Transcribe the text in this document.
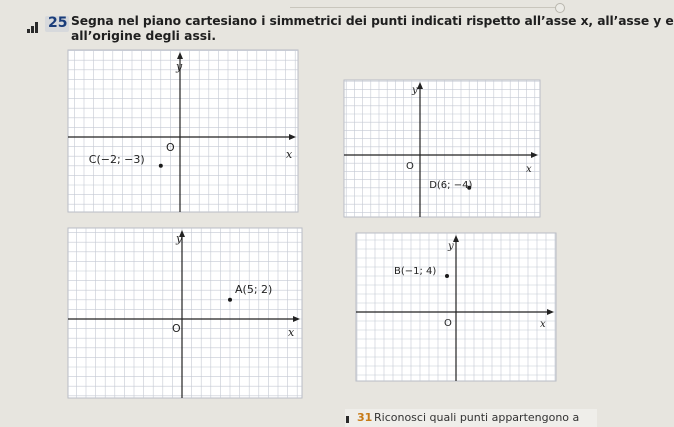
25 Segna nel piano cartesiano i simmetrici dei punti indicati rispetto all’asse x, all’asse y e
all’origine degli assi.
x
y
O
C(−2; −3)
x
y
O
D(6; −4)
x
y
O
A(5; 2)
x
y
O
B(−1; 4)
31 Riconosci quali punti appartengono a
